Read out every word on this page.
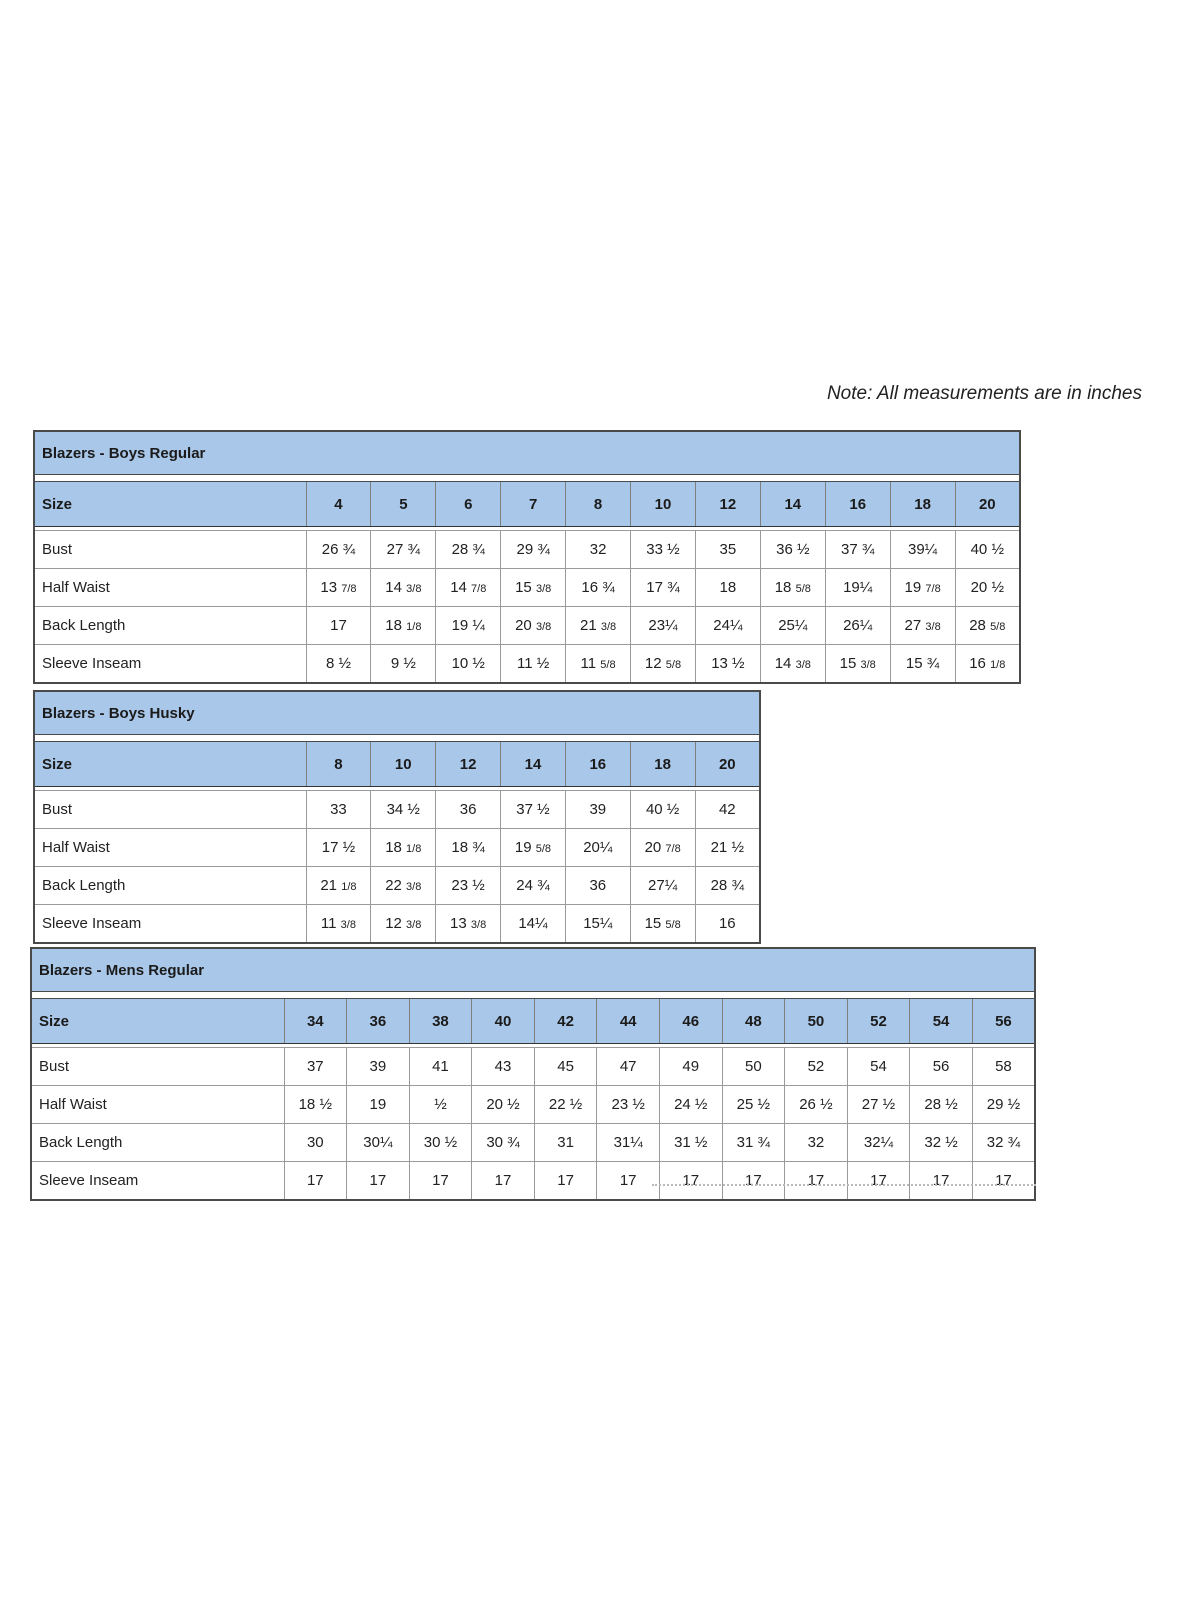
Note: All measurements are in inches
Blazers - Boys Regular											

Size	4	5	6	7	8	10	12	14	16	18	20

Bust	26 ¾	27 ¾	28 ¾	29 ¾	32	33 ½	35	36 ½	37 ¾	39¼	40 ½
Half Waist	13 7/8	14 3/8	14 7/8	15 3/8	16 ¾	17 ¾	18	18 5/8	19¼	19 7/8	20 ½
Back Length	17	18 1/8	19 ¼	20 3/8	21 3/8	23¼	24¼	25¼	26¼	27 3/8	28 5/8
Sleeve Inseam	8 ½	9 ½	10 ½	11 ½	11 5/8	12 5/8	13 ½	14 3/8	15 3/8	15 ¾	16 1/8
Blazers - Boys Husky							

Size	8	10	12	14	16	18	20

Bust	33	34 ½	36	37 ½	39	40 ½	42
Half Waist	17 ½	18 1/8	18 ¾	19 5/8	20¼	20 7/8	21 ½
Back Length	21 1/8	22 3/8	23 ½	24 ¾	36	27¼	28 ¾
Sleeve Inseam	11 3/8	12 3/8	13 3/8	14¼	15¼	15 5/8	16
Blazers - Mens Regular												

Size	34	36	38	40	42	44	46	48	50	52	54	56

Bust	37	39	41	43	45	47	49	50	52	54	56	58
Half Waist	18 ½	19	½	20 ½	22 ½	23 ½	24 ½	25 ½	26 ½	27 ½	28 ½	29 ½
Back Length	30	30¼	30 ½	30 ¾	31	31¼	31 ½	31 ¾	32	32¼	32 ½	32 ¾
Sleeve Inseam	17	17	17	17	17	17	17	17	17	17	17	17
